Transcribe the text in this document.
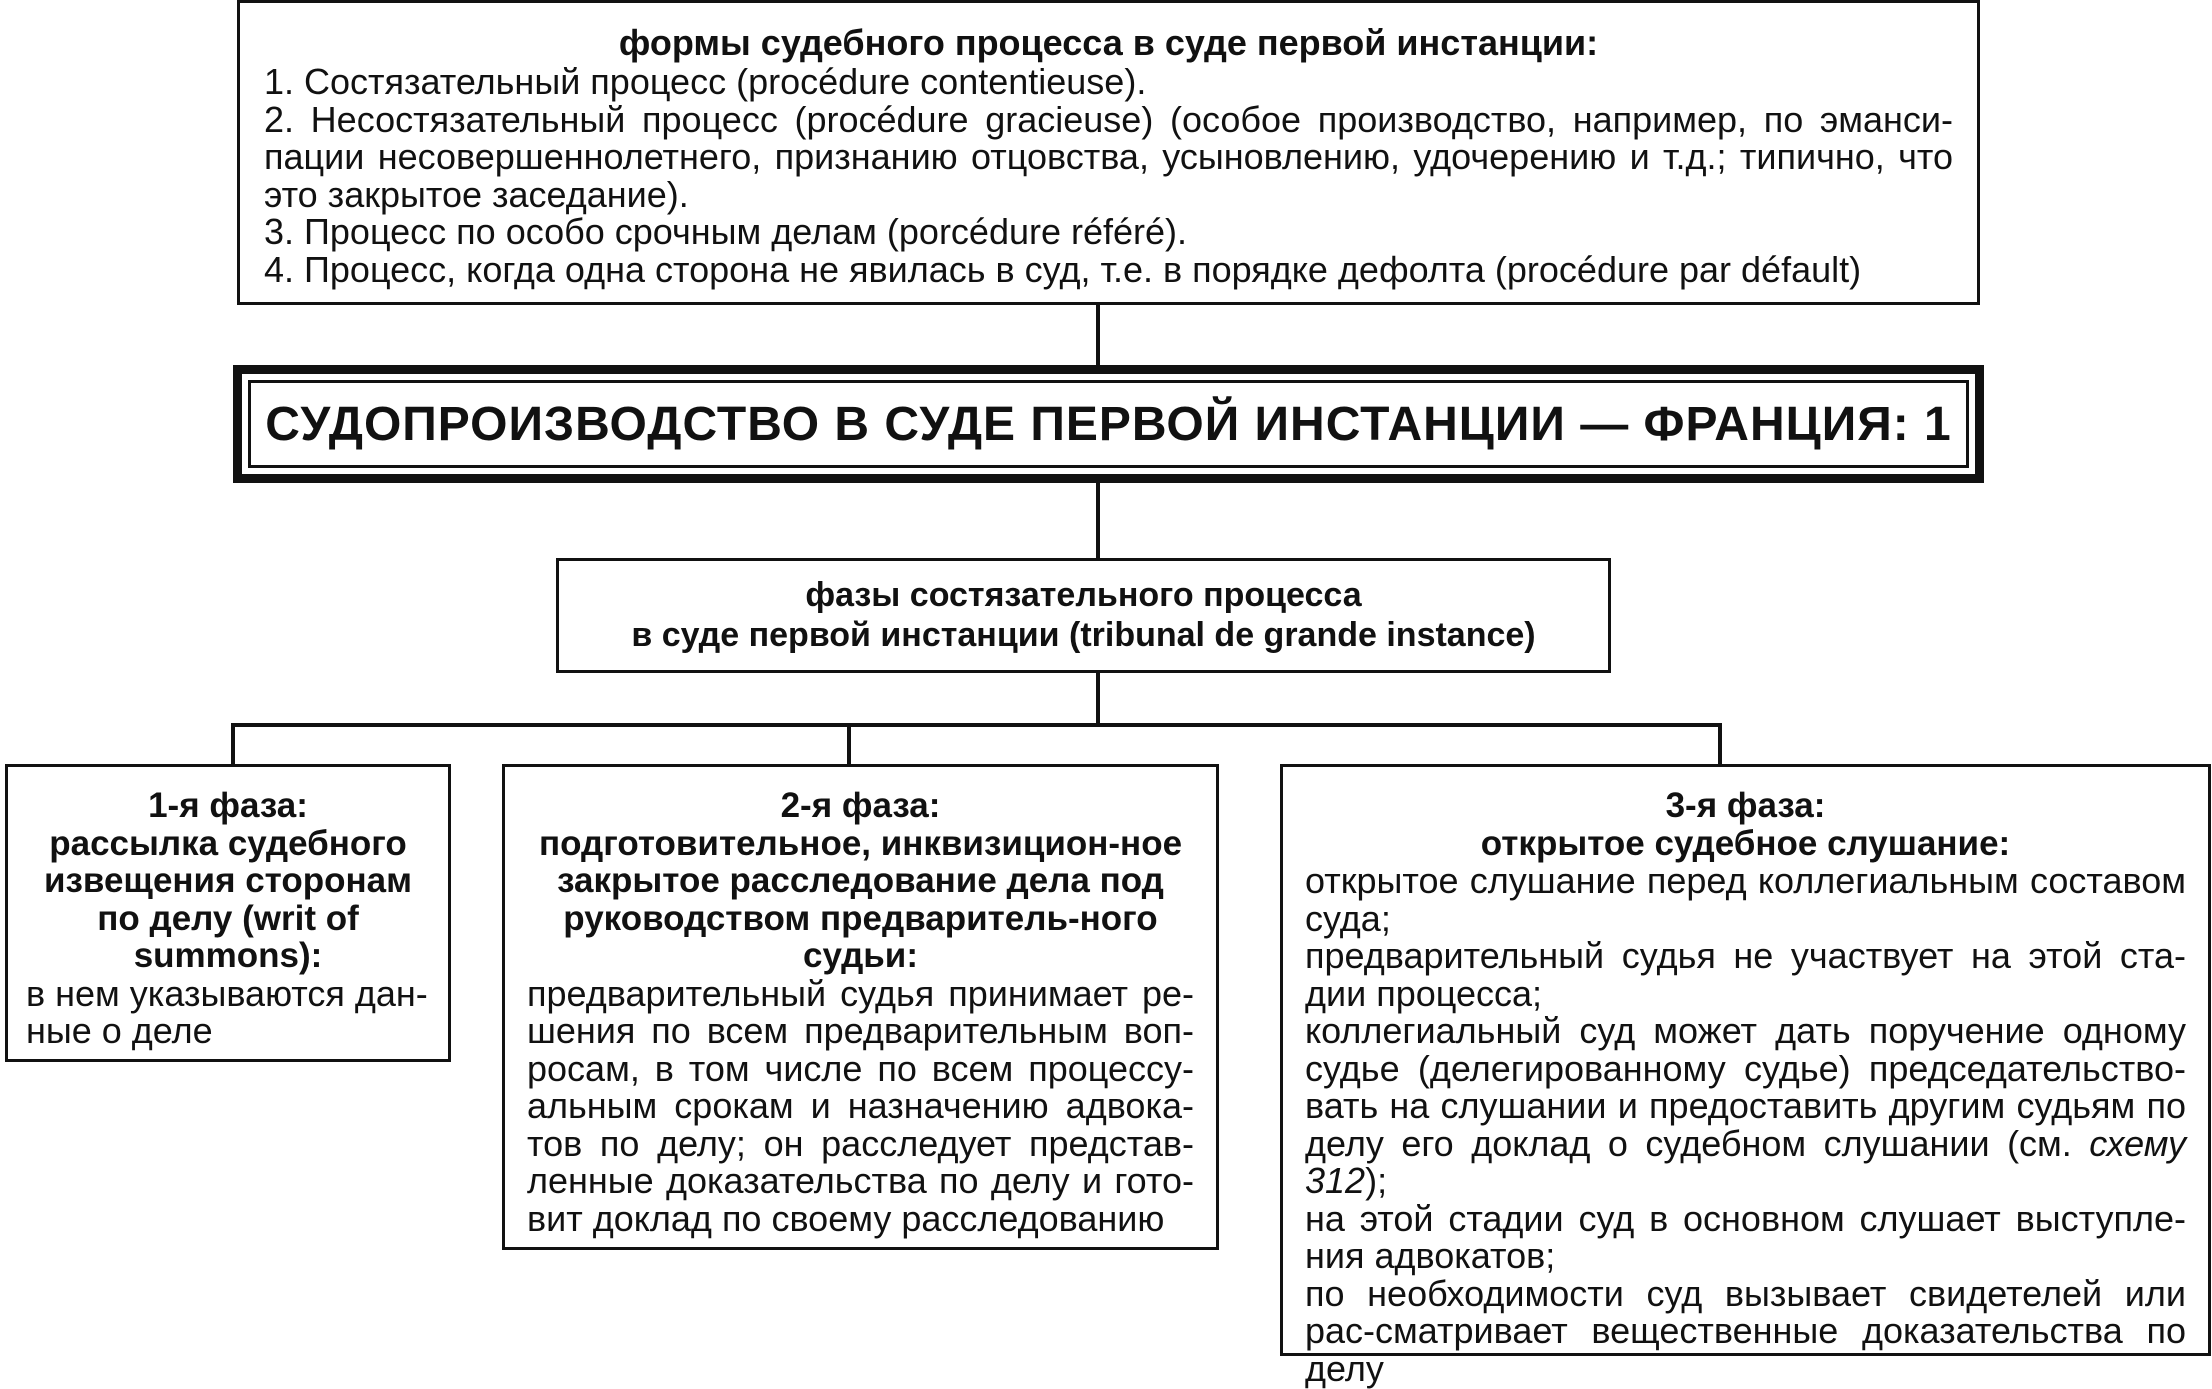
формы судебного процесса в суде первой инстанции:
1. Состязательный процесс (procédure contentieuse).
2. Несостязательный процесс (procédure gracieuse) (особое производство, например, по эманси-пации несовершеннолетнего, признанию отцовства, усыновлению, удочерению и т.д.; типично, что это закрытое заседание).
3. Процесс по особо срочным делам (porcédure référé).
4. Процесс, когда одна сторона не явилась в суд, т.е. в порядке дефолта (procédure par défault)
СУДОПРОИЗВОДСТВО В СУДЕ ПЕРВОЙ ИНСТАНЦИИ — ФРАНЦИЯ: 1
фазы состязательного процесса
в суде первой инстанции (tribunal de grande instance)
1-я фаза:
рассылка судебного извещения сторонам по делу (writ of summons):
в нем указываются дан-ные о деле
2-я фаза:
подготовительное, инквизицион-ное закрытое расследование дела под руководством предваритель-ного судьи:
предварительный судья принимает ре-шения по всем предварительным воп-росам, в том числе по всем процессу-альным срокам и назначению адвока-тов по делу; он расследует представ-ленные доказательства по делу и гото-вит доклад по своему расследованию
3-я фаза:
открытое судебное слушание:
открытое слушание перед коллегиальным составом суда;
предварительный судья не участвует на этой ста-дии процесса;
коллегиальный суд может дать поручение одному судье (делегированному судье) председательство-вать на слушании и предоставить другим судьям по делу его доклад о судебном слушании (см. схему 312);
на этой стадии суд в основном слушает выступле-ния адвокатов;
по необходимости суд вызывает свидетелей или рас-сматривает вещественные доказательства по делу
